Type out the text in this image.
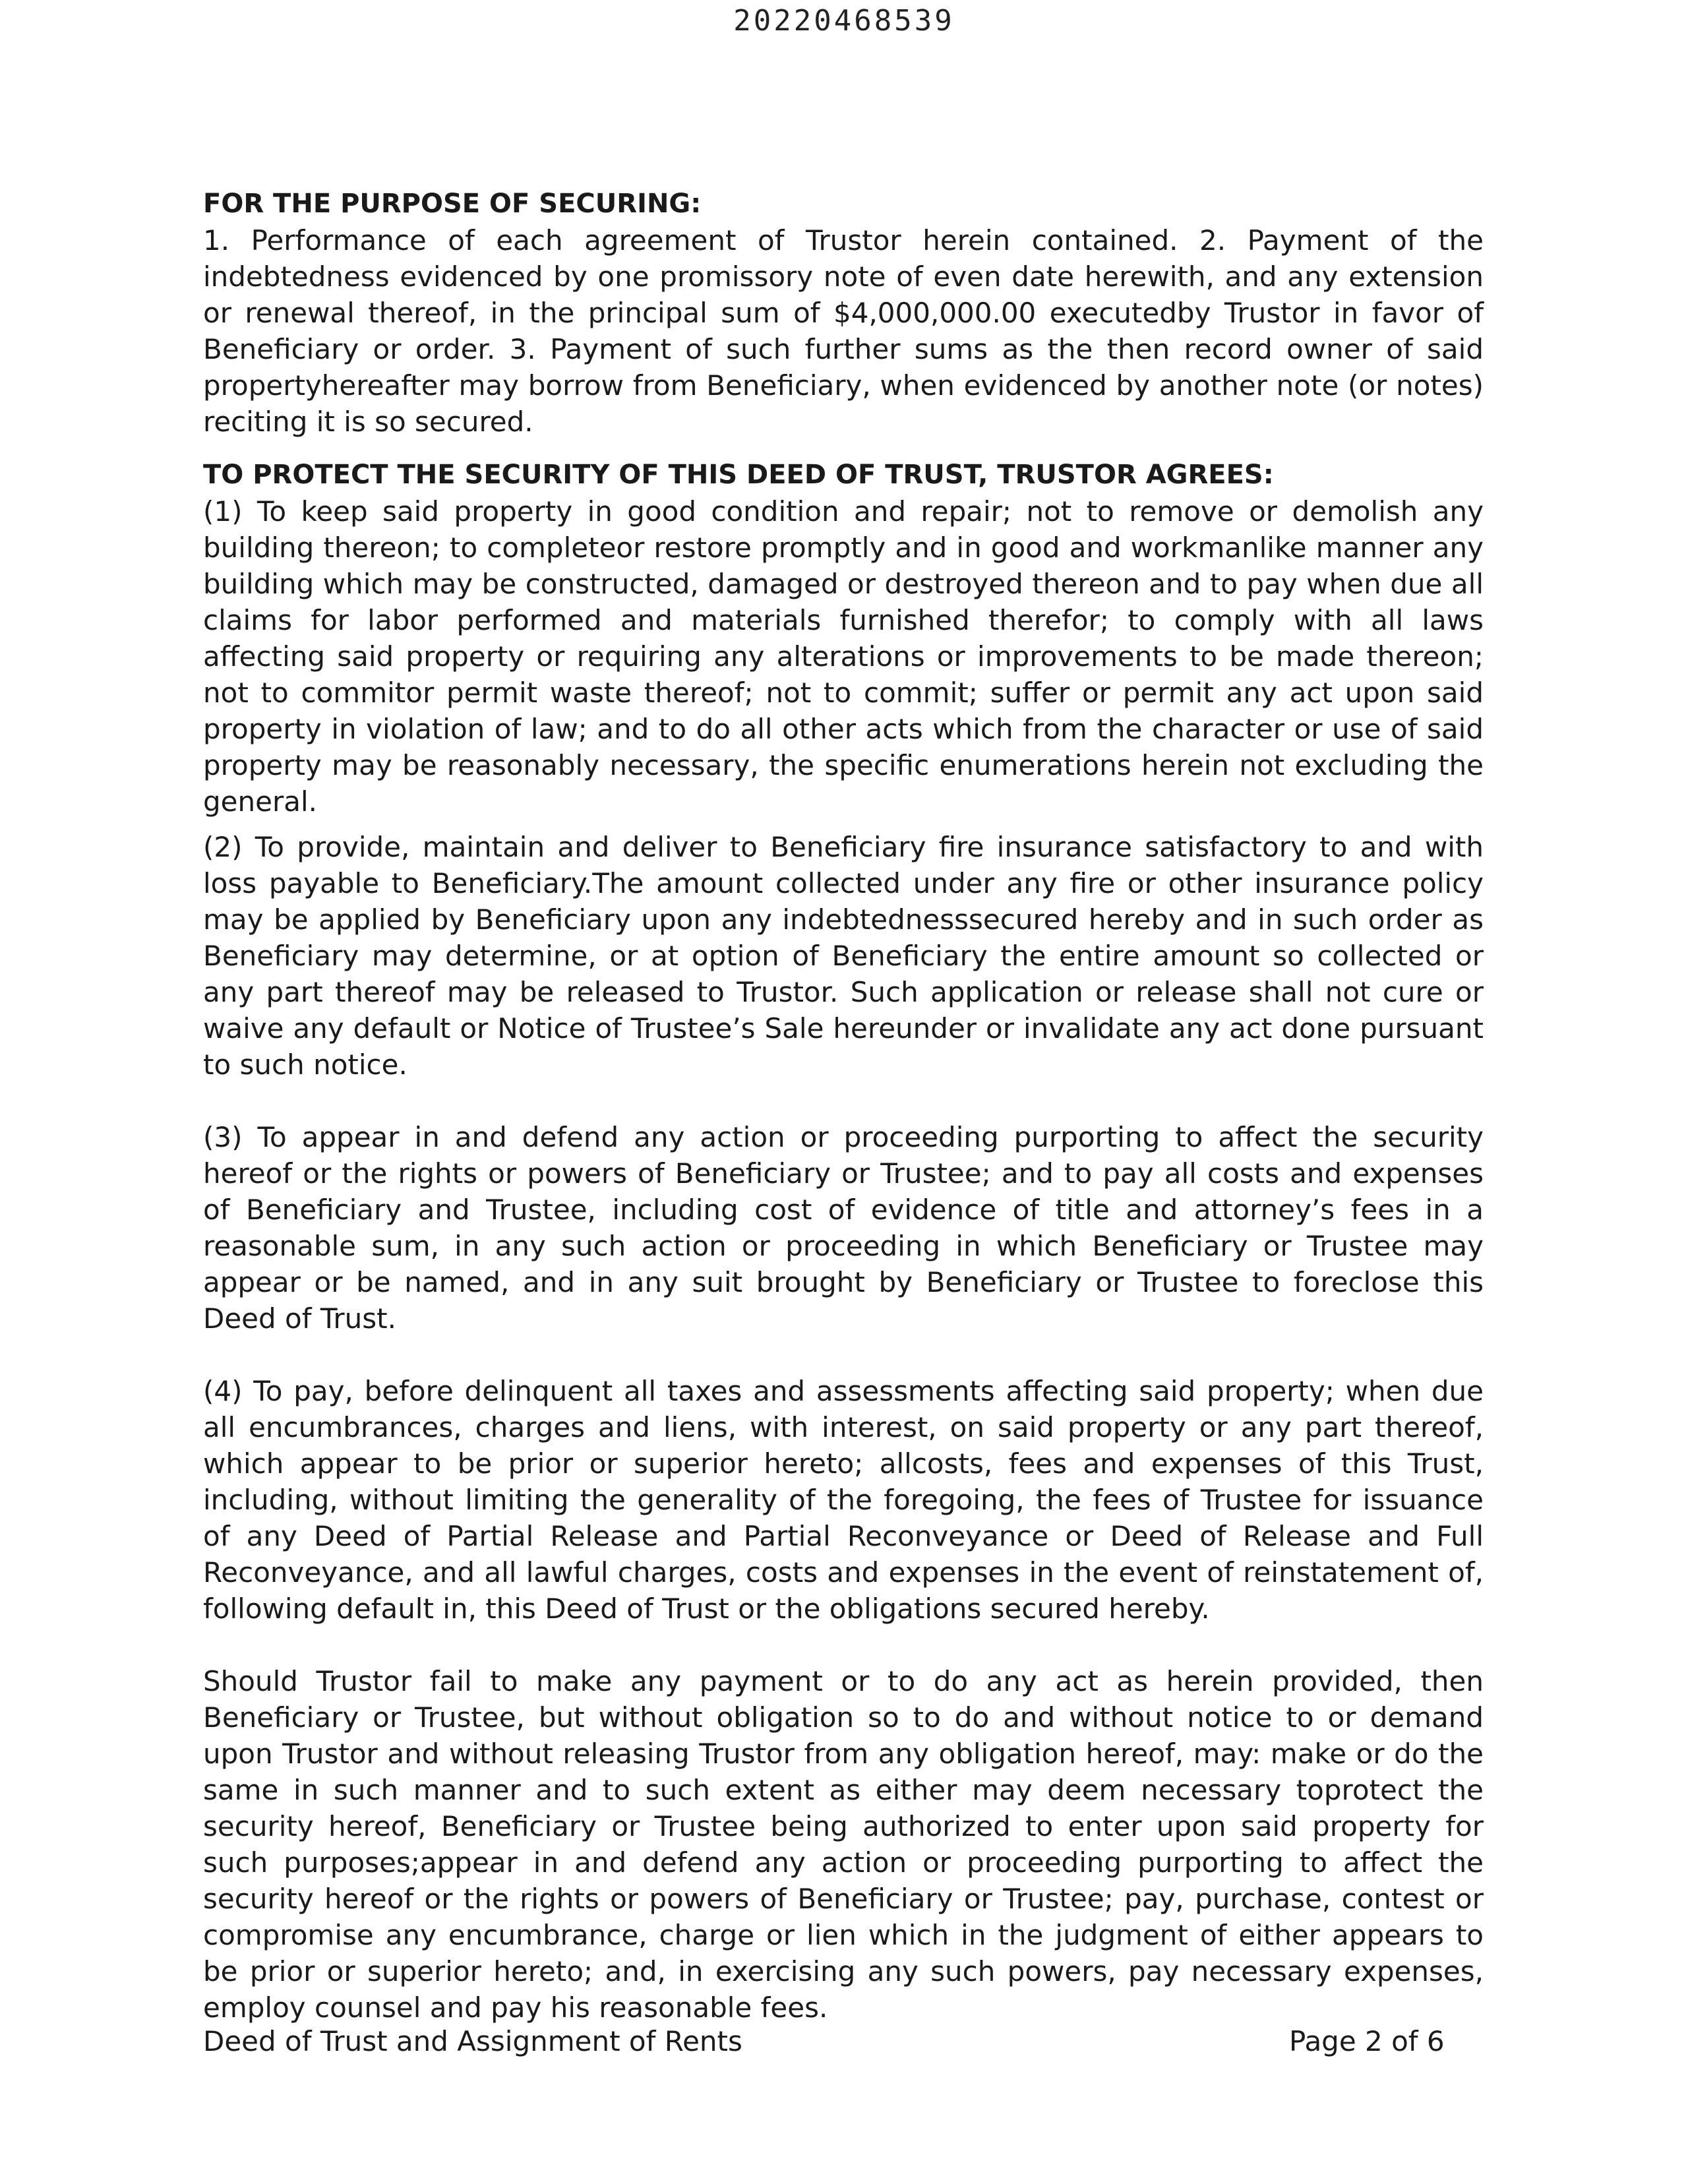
20220468539

FOR THE PURPOSE OF SECURING:

1. Performance of each agreement of Trustor herein contained. 2. Payment of the indebtedness evidenced by one promissory note of even date herewith, and any extension or renewal thereof, in the principal sum of $4,000,000.00 executedby Trustor in favor of Beneficiary or order. 3. Payment of such further sums as the then record owner of said propertyhereafter may borrow from Beneficiary, when evidenced by another note (or notes) reciting it is so secured.

TO PROTECT THE SECURITY OF THIS DEED OF TRUST, TRUSTOR AGREES:

(1) To keep said property in good condition and repair; not to remove or demolish any building thereon; to completeor restore promptly and in good and workmanlike manner any building which may be constructed, damaged or destroyed thereon and to pay when due all claims for labor performed and materials furnished therefor; to comply with all laws affecting said property or requiring any alterations or improvements to be made thereon; not to commitor permit waste thereof; not to commit; suffer or permit any act upon said property in violation of law; and to do all other acts which from the character or use of said property may be reasonably necessary, the specific enumerations herein not excluding the general.

(2) To provide, maintain and deliver to Beneficiary fire insurance satisfactory to and with loss payable to Beneficiary.The amount collected under any fire or other insurance policy may be applied by Beneficiary upon any indebtednesssecured hereby and in such order as Beneficiary may determine, or at option of Beneficiary the entire amount so collected or any part thereof may be released to Trustor. Such application or release shall not cure or waive any default or Notice of Trustee’s Sale hereunder or invalidate any act done pursuant to such notice.

(3) To appear in and defend any action or proceeding purporting to affect the security hereof or the rights or powers of Beneficiary or Trustee; and to pay all costs and expenses of Beneficiary and Trustee, including cost of evidence of title and attorney’s fees in a reasonable sum, in any such action or proceeding in which Beneficiary or Trustee may appear or be named, and in any suit brought by Beneficiary or Trustee to foreclose this Deed of Trust.

(4) To pay, before delinquent all taxes and assessments affecting said property; when due all encumbrances, charges and liens, with interest, on said property or any part thereof, which appear to be prior or superior hereto; allcosts, fees and expenses of this Trust, including, without limiting the generality of the foregoing, the fees of Trustee for issuance of any Deed of Partial Release and Partial Reconveyance or Deed of Release and Full Reconveyance, and all lawful charges, costs and expenses in the event of reinstatement of, following default in, this Deed of Trust or the obligations secured hereby.

Should Trustor fail to make any payment or to do any act as herein provided, then Beneficiary or Trustee, but without obligation so to do and without notice to or demand upon Trustor and without releasing Trustor from any obligation hereof, may: make or do the same in such manner and to such extent as either may deem necessary toprotect the security hereof, Beneficiary or Trustee being authorized to enter upon said property for such purposes;appear in and defend any action or proceeding purporting to affect the security hereof or the rights or powers of Beneficiary or Trustee; pay, purchase, contest or compromise any encumbrance, charge or lien which in the judgment of either appears to be prior or superior hereto; and, in exercising any such powers, pay necessary expenses, employ counsel and pay his reasonable fees.

Deed of Trust and Assignment of Rents	Page 2 of 6
